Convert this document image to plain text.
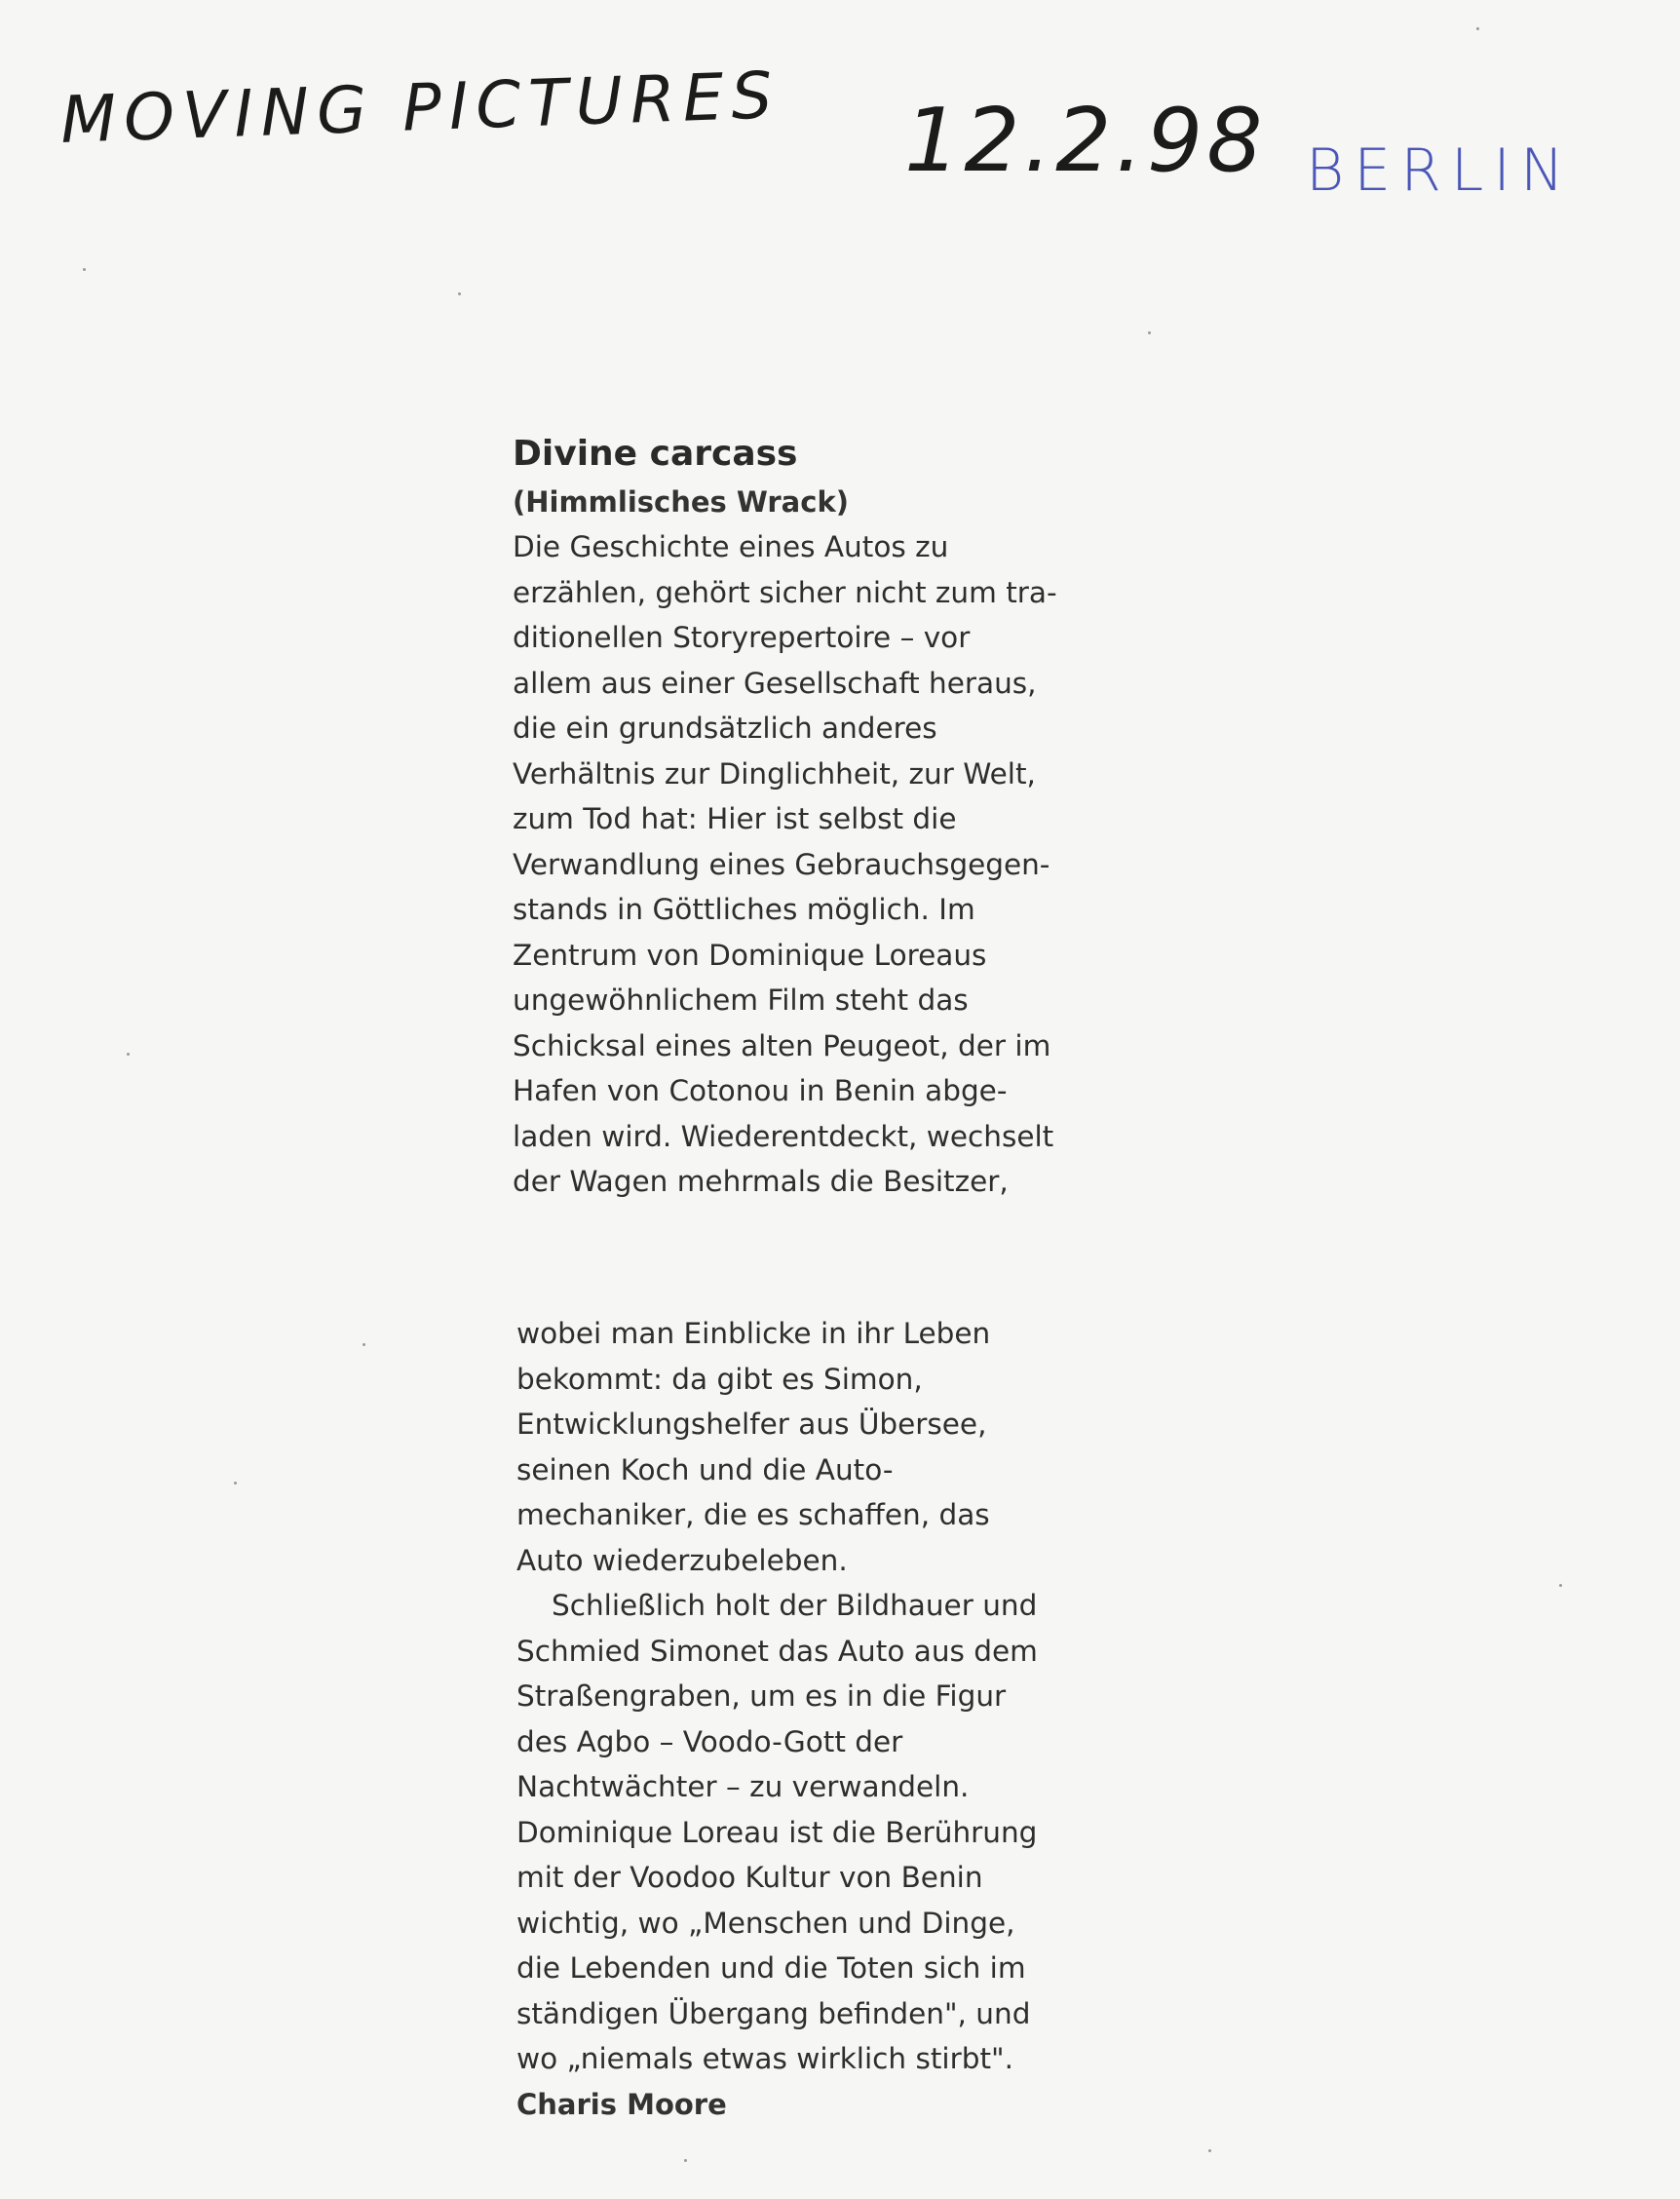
MOVING PICTURES 12.2.98 BERLIN
Divine carcass
(Himmlisches Wrack)

Die Geschichte eines Autos zu
erzählen, gehört sicher nicht zum tra-
ditionellen Storyrepertoire – vor
allem aus einer Gesellschaft heraus,
die ein grundsätzlich anderes
Verhältnis zur Dinglichheit, zur Welt,
zum Tod hat: Hier ist selbst die
Verwandlung eines Gebrauchsgegen-
stands in Göttliches möglich. Im
Zentrum von Dominique Loreaus
ungewöhnlichem Film steht das
Schicksal eines alten Peugeot, der im
Hafen von Cotonou in Benin abge-
laden wird. Wiederentdeckt, wechselt
der Wagen mehrmals die Besitzer,

wobei man Einblicke in ihr Leben
bekommt: da gibt es Simon,
Entwicklungshelfer aus Übersee,
seinen Koch und die Auto-
mechaniker, die es schaffen, das
Auto wiederzubeleben.
Schließlich holt der Bildhauer und
Schmied Simonet das Auto aus dem
Straßengraben, um es in die Figur
des Agbo – Voodo-Gott der
Nachtwächter – zu verwandeln.
Dominique Loreau ist die Berührung
mit der Voodoo Kultur von Benin
wichtig, wo „Menschen und Dinge,
die Lebenden und die Toten sich im
ständigen Übergang befinden", und
wo „niemals etwas wirklich stirbt".
Charis Moore
